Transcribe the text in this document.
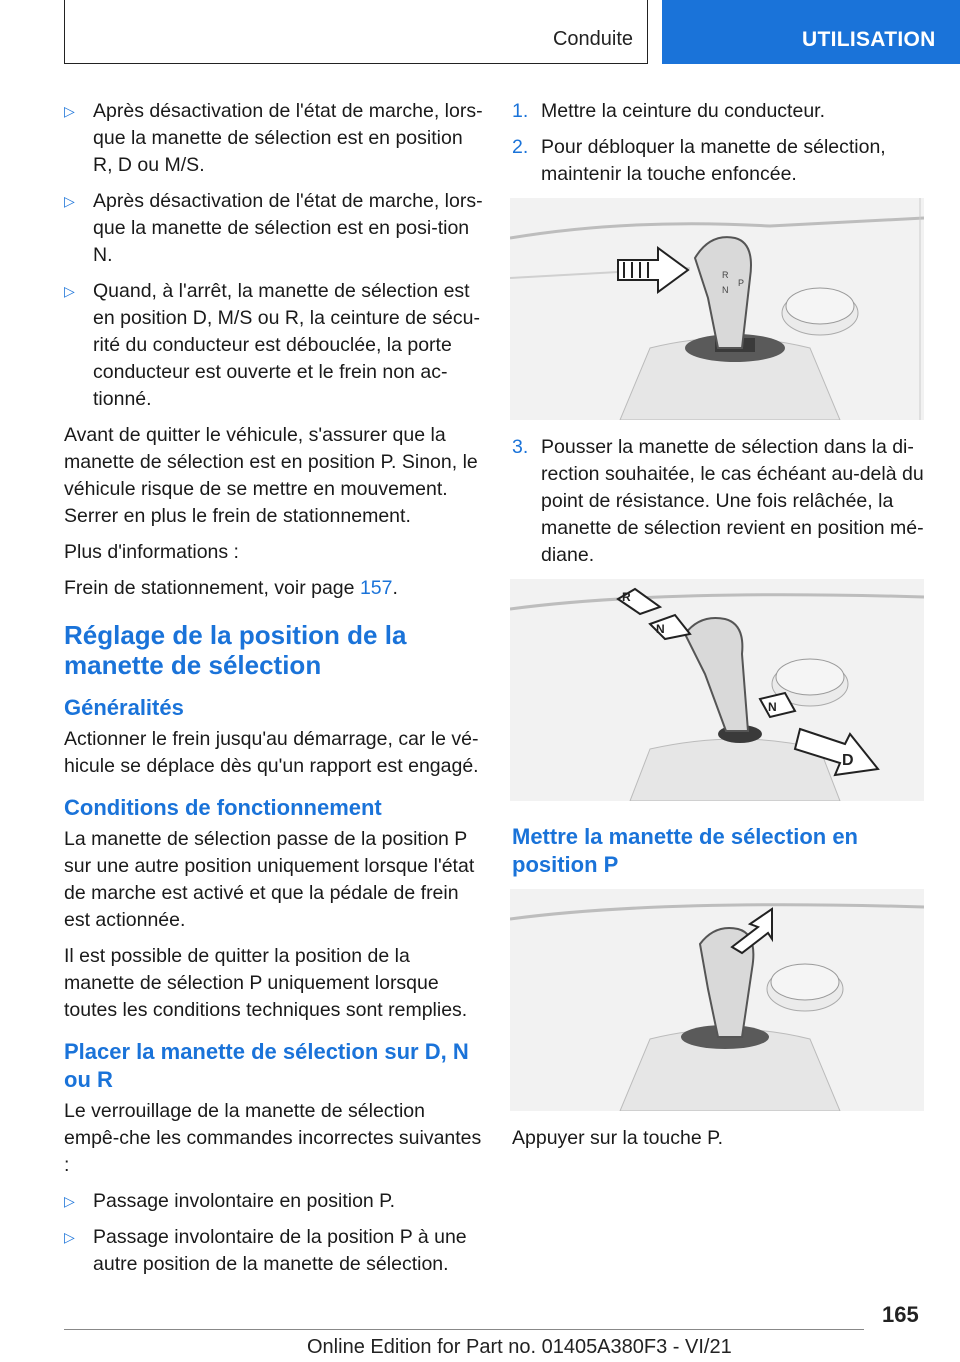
Conduite	UTILISATION
▷ Après désactivation de l'état de marche, lors-que la manette de sélection est en position R, D ou M/S.
▷ Après désactivation de l'état de marche, lors-que la manette de sélection est en posi-tion N.
▷ Quand, à l'arrêt, la manette de sélection est en position D, M/S ou R, la ceinture de sécu-rité du conducteur est débouclée, la porte conducteur est ouverte et le frein non ac-tionné.

Avant de quitter le véhicule, s'assurer que la manette de sélection est en position P. Sinon, le véhicule risque de se mettre en mouvement. Serrer en plus le frein de stationnement.

Plus d'informations :

Frein de stationnement, voir page 157.

Réglage de la position de la manette de sélection
Généralités

Actionner le frein jusqu'au démarrage, car le vé-hicule se déplace dès qu'un rapport est engagé.

Conditions de fonctionnement

La manette de sélection passe de la position P sur une autre position uniquement lorsque l'état de marche est activé et que la pédale de frein est actionnée.

Il est possible de quitter la position de la manette de sélection P uniquement lorsque toutes les conditions techniques sont remplies.

Placer la manette de sélection sur D, N ou R

Le verrouillage de la manette de sélection empê-che les commandes incorrectes suivantes :

▷ Passage involontaire en position P.
▷ Passage involontaire de la position P à une autre position de la manette de sélection.
1. Mettre la ceinture du conducteur.
2. Pour débloquer la manette de sélection, maintenir la touche enfoncée.
R
N
P
3. Pousser la manette de sélection dans la di-rection souhaitée, le cas échéant au-delà du point de résistance. Une fois relâchée, la manette de sélection revient en position mé-diane.
R
N
N
D
Mettre la manette de sélection en position P

Appuyer sur la touche P.

165
Online Edition for Part no. 01405A380F3 - VI/21
